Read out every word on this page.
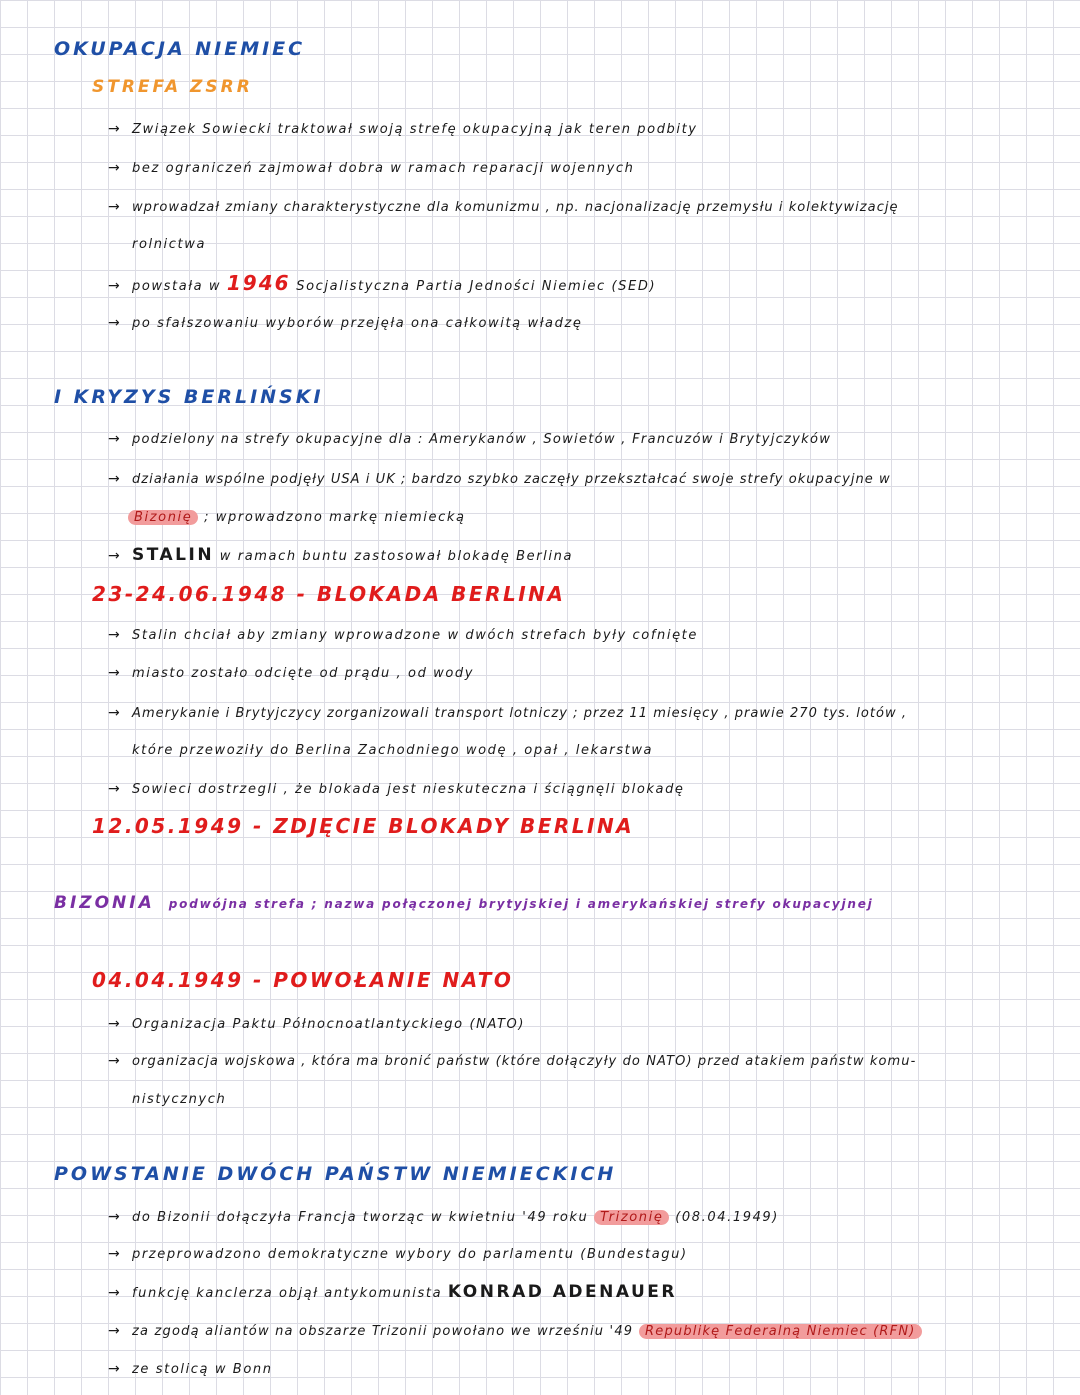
OKUPACJA NIEMIEC
STREFA ZSRR
→ Związek Sowiecki traktował swoją strefę okupacyjną jak teren podbity
→ bez ograniczeń zajmował dobra w ramach reparacji wojennych
→ wprowadzał zmiany charakterystyczne dla komunizmu , np. nacjonalizację przemysłu i kolektywizację
rolnictwa
→ powstała w 1946 Socjalistyczna Partia Jedności Niemiec (SED)
→ po sfałszowaniu wyborów przejęła ona całkowitą władzę
I KRYZYS BERLIŃSKI
→ podzielony na strefy okupacyjne dla : Amerykanów , Sowietów , Francuzów i Brytyjczyków
→ działania wspólne podjęły USA i UK ; bardzo szybko zaczęły przekształcać swoje strefy okupacyjne w
Bizonię ; wprowadzono markę niemiecką
→ STALIN w ramach buntu zastosował blokadę Berlina
23-24.06.1948 - BLOKADA BERLINA
→ Stalin chciał aby zmiany wprowadzone w dwóch strefach były cofnięte
→ miasto zostało odcięte od prądu , od wody
→ Amerykanie i Brytyjczycy zorganizowali transport lotniczy ; przez 11 miesięcy , prawie 270 tys. lotów ,
które przewoziły do Berlina Zachodniego wodę , opał , lekarstwa
→ Sowieci dostrzegli , że blokada jest nieskuteczna i ściągnęli blokadę
12.05.1949 - ZDJĘCIE BLOKADY BERLINA
BIZONIA podwójna strefa ; nazwa połączonej brytyjskiej i amerykańskiej strefy okupacyjnej
04.04.1949 - POWOŁANIE NATO
→ Organizacja Paktu Północnoatlantyckiego (NATO)
→ organizacja wojskowa , która ma bronić państw (które dołączyły do NATO) przed atakiem państw komu-
nistycznych
POWSTANIE DWÓCH PAŃSTW NIEMIECKICH
→ do Bizonii dołączyła Francja tworząc w kwietniu '49 roku Trizonię (08.04.1949)
→ przeprowadzono demokratyczne wybory do parlamentu (Bundestagu)
→ funkcję kanclerza objął antykomunista KONRAD ADENAUER
→ za zgodą aliantów na obszarze Trizonii powołano we wrześniu '49 Republikę Federalną Niemiec (RFN)
→ ze stolicą w Bonn
